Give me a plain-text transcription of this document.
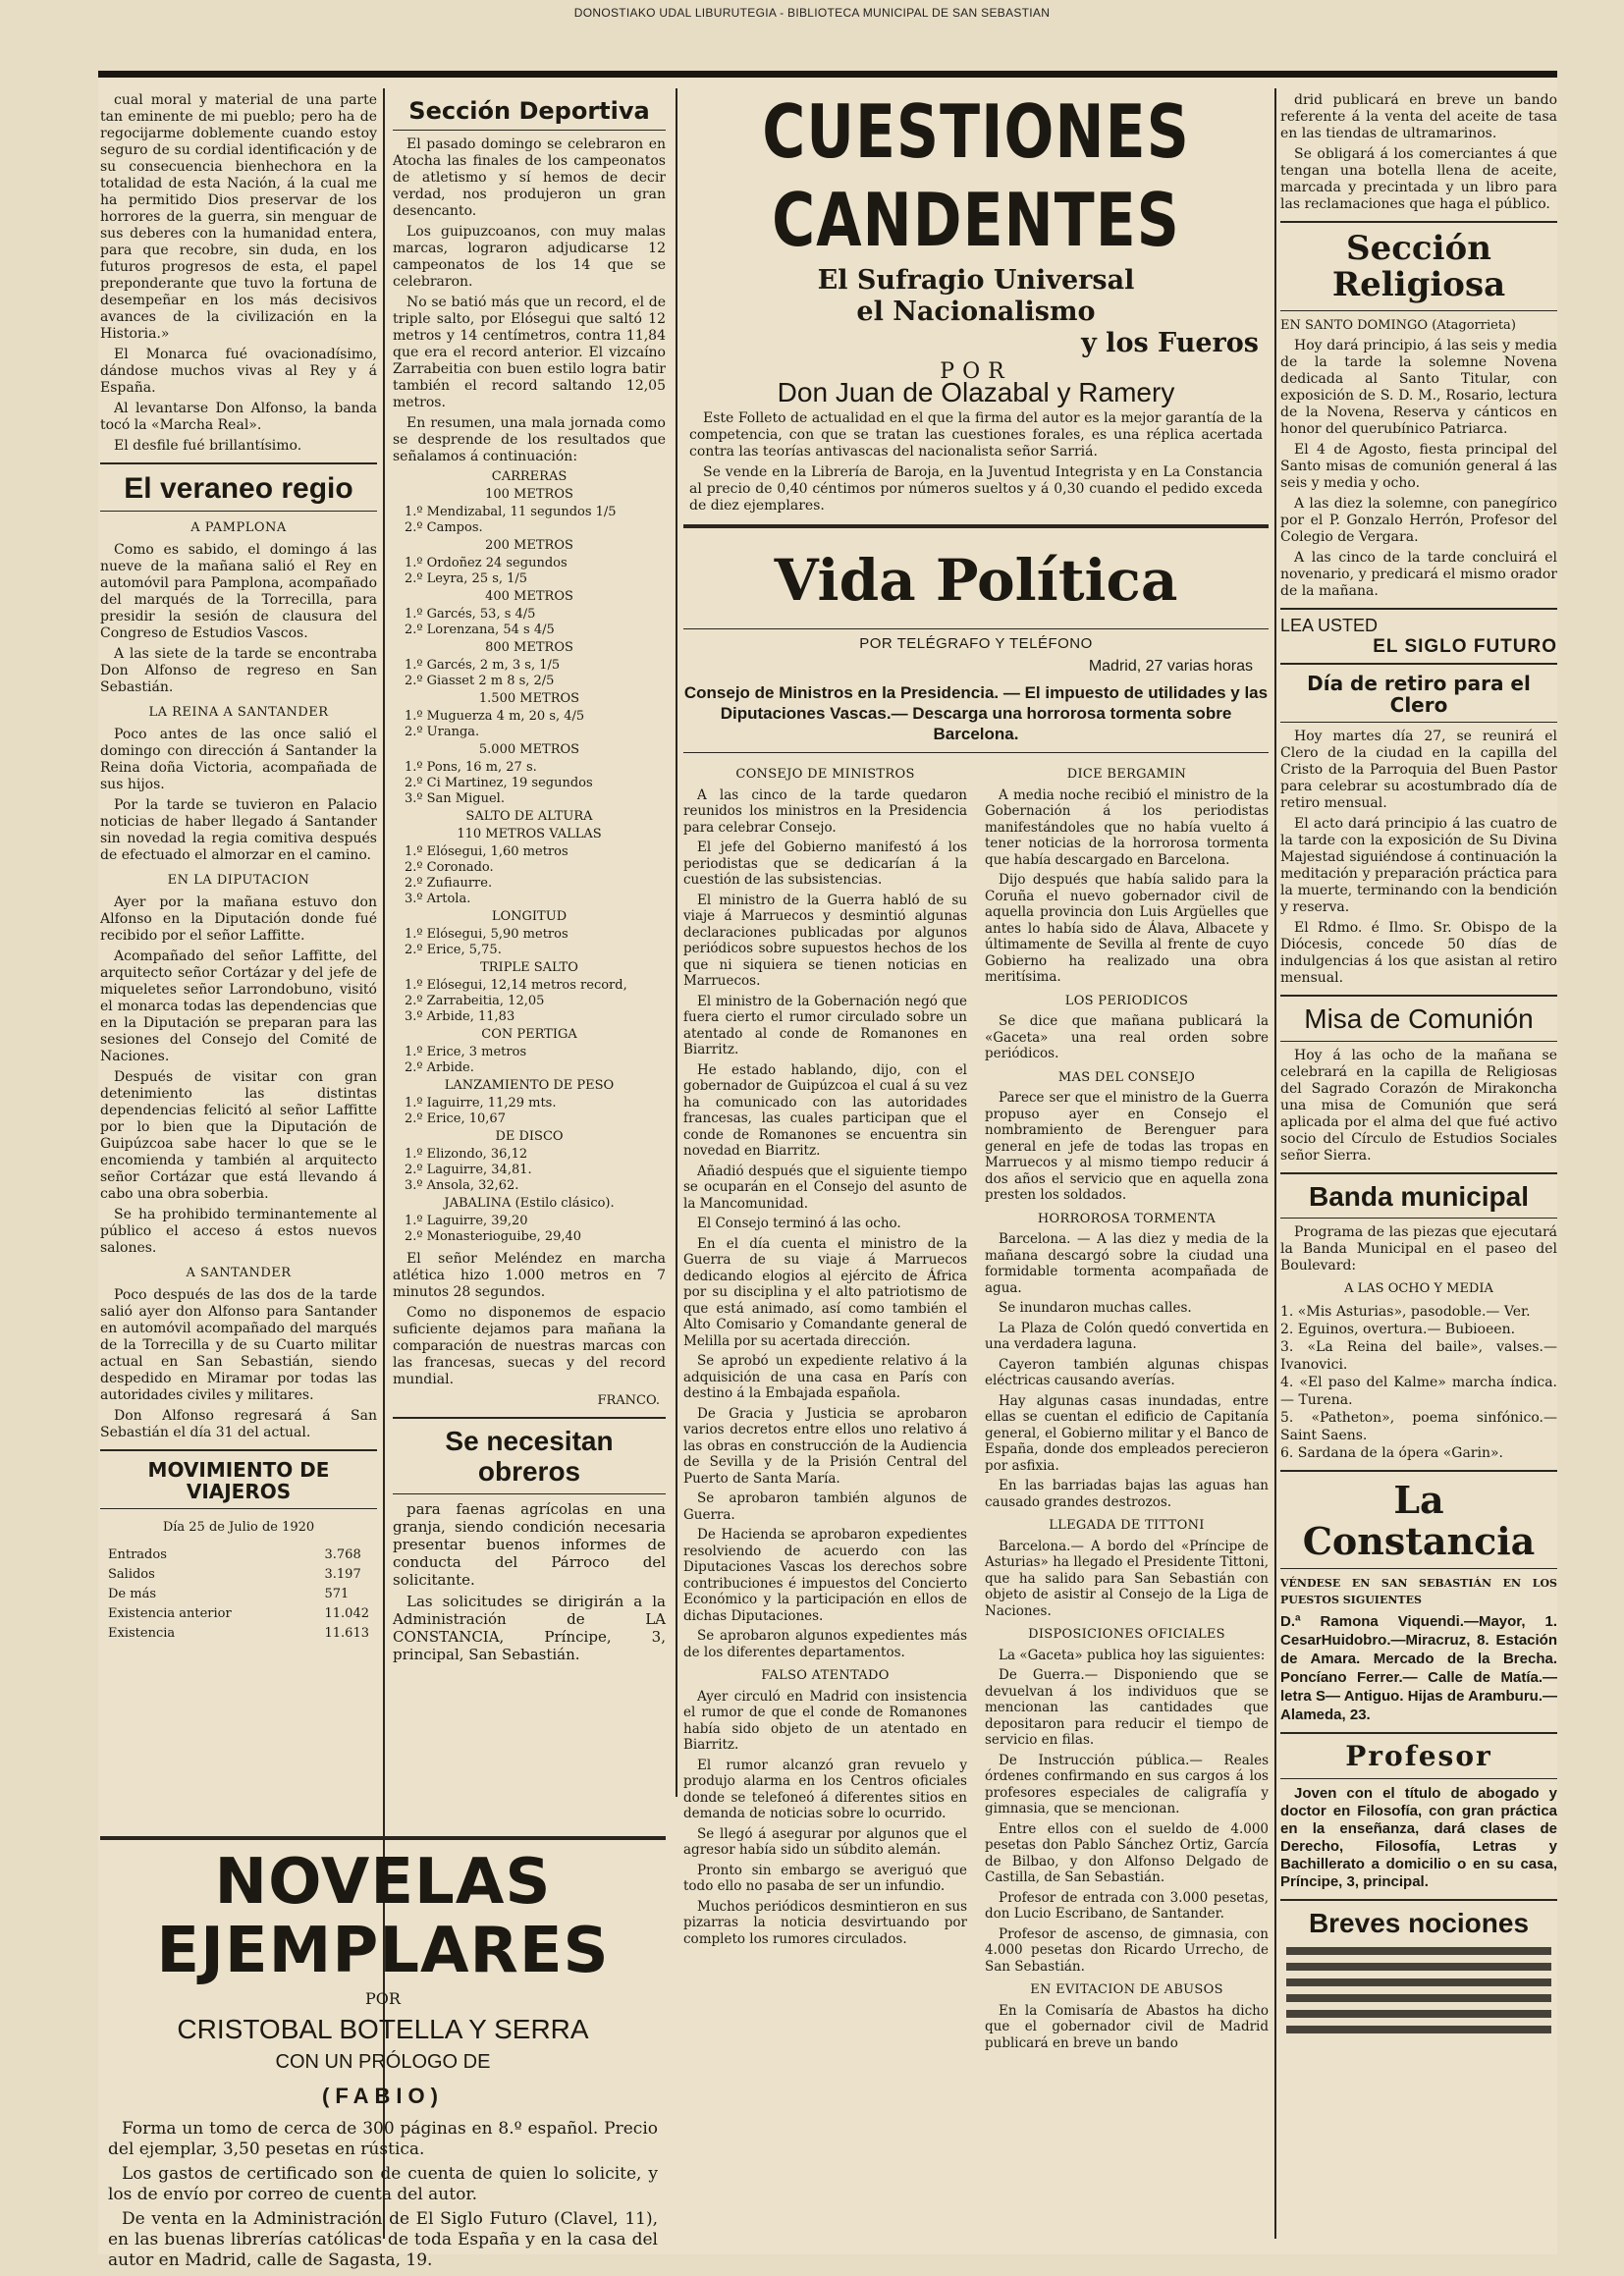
DONOSTIAKO UDAL LIBURUTEGIA - BIBLIOTECA MUNICIPAL DE SAN SEBASTIAN

cual moral y material de una parte tan eminente de mi pueblo; pero ha de regocijarme doblemente cuando estoy seguro de su cordial identificación y de su consecuencia bienhechora en la totalidad de esta Nación, á la cual me ha permitido Dios preservar de los horrores de la guerra, sin menguar de sus deberes con la humanidad entera, para que recobre, sin duda, en los futuros progresos de esta, el papel preponderante que tuvo la fortuna de desempeñar en los más decisivos avances de la civilización en la Historia.»

El Monarca fué ovacionadísimo, dándose muchos vivas al Rey y á España.

Al levantarse Don Alfonso, la banda tocó la «Marcha Real».

El desfile fué brillantísimo.

El veraneo regio
A PAMPLONA

Como es sabido, el domingo á las nueve de la mañana salió el Rey en automóvil para Pamplona, acompañado del marqués de la Torrecilla, para presidir la sesión de clausura del Congreso de Estudios Vascos.

A las siete de la tarde se encontraba Don Alfonso de regreso en San Sebastián.

LA REINA A SANTANDER

Poco antes de las once salió el domingo con dirección á Santander la Reina doña Victoria, acompañada de sus hijos.

Por la tarde se tuvieron en Palacio noticias de haber llegado á Santander sin novedad la regia comitiva después de efectuado el almorzar en el camino.

EN LA DIPUTACION

Ayer por la mañana estuvo don Alfonso en la Diputación donde fué recibido por el señor Laffitte.

Acompañado del señor Laffitte, del arquitecto señor Cortázar y del jefe de miqueletes señor Larrondobuno, visitó el monarca todas las dependencias que en la Diputación se preparan para las sesiones del Consejo del Comité de Naciones.

Después de visitar con gran detenimiento las distintas dependencias felicitó al señor Laffitte por lo bien que la Diputación de Guipúzcoa sabe hacer lo que se le encomienda y también al arquitecto señor Cortázar que está llevando á cabo una obra soberbia.

Se ha prohibido terminantemente al público el acceso á estos nuevos salones.

A SANTANDER

Poco después de las dos de la tarde salió ayer don Alfonso para Santander en automóvil acompañado del marqués de la Torrecilla y de su Cuarto militar actual en San Sebastián, siendo despedido en Miramar por todas las autoridades civiles y militares.

Don Alfonso regresará á San Sebastián el día 31 del actual.

MOVIMIENTO DE VIAJEROS
Día 25 de Julio de 1920
Entrados	3.768
Salidos	3.197
De más	571
Existencia anterior	11.042
Existencia	11.613
Sección Deportiva

El pasado domingo se celebraron en Atocha las finales de los campeonatos de atletismo y sí hemos de decir verdad, nos produjeron un gran desencanto.

Los guipuzcoanos, con muy malas marcas, lograron adjudicarse 12 campeonatos de los 14 que se celebraron.

No se batió más que un record, el de triple salto, por Elósegui que saltó 12 metros y 14 centímetros, contra 11,84 que era el record anterior. El vizcaíno Zarrabeitia con buen estilo logra batir también el record saltando 12,05 metros.

En resumen, una mala jornada como se desprende de los resultados que señalamos á continuación:

CARRERAS
100 METROS
1.º Mendizabal, 11 segundos 1/5
2.º Campos.
200 METROS
1.º Ordoñez 24 segundos
2.º Leyra, 25 s, 1/5
400 METROS
1.º Garcés, 53, s 4/5
2.º Lorenzana, 54 s 4/5
800 METROS
1.º Garcés, 2 m, 3 s, 1/5
2.º Giasset 2 m 8 s, 2/5
1.500 METROS
1.º Muguerza 4 m, 20 s, 4/5
2.º Uranga.
5.000 METROS
1.º Pons, 16 m, 27 s.
2.º Ci Martinez, 19 segundos
3.º San Miguel.
SALTO DE ALTURA
110 METROS VALLAS
1.º Elósegui, 1,60 metros
2.º Coronado.
2.º Zufiaurre.
3.º Artola.
LONGITUD
1.º Elósegui, 5,90 metros
2.º Erice, 5,75.
TRIPLE SALTO
1.º Elósegui, 12,14 metros record,
2.º Zarrabeitia, 12,05
3.º Arbide, 11,83
CON PERTIGA
1.º Erice, 3 metros
2.º Arbide.
LANZAMIENTO DE PESO
1.º Iaguirre, 11,29 mts.
2.º Erice, 10,67
DE DISCO
1.º Elizondo, 36,12
2.º Laguirre, 34,81.
3.º Ansola, 32,62.
JABALINA (Estilo clásico).
1.º Laguirre, 39,20
2.º Monasterioguibe, 29,40

El señor Meléndez en marcha atlética hizo 1.000 metros en 7 minutos 28 segundos.

Como no disponemos de espacio suficiente dejamos para mañana la comparación de nuestras marcas con las francesas, suecas y del record mundial.

FRANCO.
Se necesitan obreros

para faenas agrícolas en una granja, siendo condición necesaria presentar buenos informes de conducta del Párroco del solicitante.

Las solicitudes se dirigirán a la Administración de LA CONSTANCIA, Príncipe, 3, principal, San Sebastián.

NOVELAS EJEMPLARES
POR
CRISTOBAL BOTELLA Y SERRA
CON UN PRÓLOGO DE
(FABIO)

Forma un tomo de cerca de 300 páginas en 8.º español. Precio del ejemplar, 3,50 pesetas en rústica.

Los gastos de certificado son de cuenta de quien lo solicite, y los de envío por correo de cuenta del autor.

De venta en la Administración de El Siglo Futuro (Clavel, 11), en las buenas librerías católicas de toda España y en la casa del autor en Madrid, calle de Sagasta, 19.

CUESTIONES CANDENTES
El Sufragio Universal
el Nacionalismo
y los Fueros
POR
Don Juan de Olazabal y Ramery

Este Folleto de actualidad en el que la firma del autor es la mejor garantía de la competencia, con que se tratan las cuestiones forales, es una réplica acertada contra las teorías antivascas del nacionalista señor Sarriá.

Se vende en la Librería de Baroja, en la Juventud Integrista y en La Constancia al precio de 0,40 céntimos por números sueltos y á 0,30 cuando el pedido exceda de diez ejemplares.

Vida Política
POR TELÉGRAFO Y TELÉFONO
Madrid, 27 varias horas
Consejo de Ministros en la Presidencia. — El impuesto de utilidades y las Diputaciones Vascas.— Descarga una horrorosa tormenta sobre Barcelona.
CONSEJO DE MINISTROS

A las cinco de la tarde quedaron reunidos los ministros en la Presidencia para celebrar Consejo.

El jefe del Gobierno manifestó á los periodistas que se dedicarían á la cuestión de las subsistencias.

El ministro de la Guerra habló de su viaje á Marruecos y desmintió algunas declaraciones publicadas por algunos periódicos sobre supuestos hechos de los que ni siquiera se tienen noticias en Marruecos.

El ministro de la Gobernación negó que fuera cierto el rumor circulado sobre un atentado al conde de Romanones en Biarritz.

He estado hablando, dijo, con el gobernador de Guipúzcoa el cual á su vez ha comunicado con las autoridades francesas, las cuales participan que el conde de Romanones se encuentra sin novedad en Biarritz.

Añadió después que el siguiente tiempo se ocuparán en el Consejo del asunto de la Mancomunidad.

El Consejo terminó á las ocho.

En el día cuenta el ministro de la Guerra de su viaje á Marruecos dedicando elogios al ejército de África por su disciplina y el alto patriotismo de que está animado, así como también el Alto Comisario y Comandante general de Melilla por su acertada dirección.

Se aprobó un expediente relativo á la adquisición de una casa en París con destino á la Embajada española.

De Gracia y Justicia se aprobaron varios decretos entre ellos uno relativo á las obras en construcción de la Audiencia de Sevilla y de la Prisión Central del Puerto de Santa María.

Se aprobaron también algunos de Guerra.

De Hacienda se aprobaron expedientes resolviendo de acuerdo con las Diputaciones Vascas los derechos sobre contribuciones é impuestos del Concierto Económico y la participación en ellos de dichas Diputaciones.

Se aprobaron algunos expedientes más de los diferentes departamentos.

FALSO ATENTADO

Ayer circuló en Madrid con insistencia el rumor de que el conde de Romanones había sido objeto de un atentado en Biarritz.

El rumor alcanzó gran revuelo y produjo alarma en los Centros oficiales donde se telefoneó á diferentes sitios en demanda de noticias sobre lo ocurrido.

Se llegó á asegurar por algunos que el agresor había sido un súbdito alemán.

Pronto sin embargo se averiguó que todo ello no pasaba de ser un infundio.

Muchos periódicos desmintieron en sus pizarras la noticia desvirtuando por completo los rumores circulados.

DICE BERGAMIN

A media noche recibió el ministro de la Gobernación á los periodistas manifestándoles que no había vuelto á tener noticias de la horrorosa tormenta que había descargado en Barcelona.

Dijo después que había salido para la Coruña el nuevo gobernador civil de aquella provincia don Luis Argüelles que antes lo había sido de Álava, Albacete y últimamente de Sevilla al frente de cuyo Gobierno ha realizado una obra meritísima.

LOS PERIODICOS

Se dice que mañana publicará la «Gaceta» una real orden sobre periódicos.

MAS DEL CONSEJO

Parece ser que el ministro de la Guerra propuso ayer en Consejo el nombramiento de Berenguer para general en jefe de todas las tropas en Marruecos y al mismo tiempo reducir á dos años el servicio que en aquella zona presten los soldados.

HORROROSA TORMENTA

Barcelona. — A las diez y media de la mañana descargó sobre la ciudad una formidable tormenta acompañada de agua.

Se inundaron muchas calles.

La Plaza de Colón quedó convertida en una verdadera laguna.

Cayeron también algunas chispas eléctricas causando averías.

Hay algunas casas inundadas, entre ellas se cuentan el edificio de Capitanía general, el Gobierno militar y el Banco de España, donde dos empleados perecieron por asfixia.

En las barriadas bajas las aguas han causado grandes destrozos.

LLEGADA DE TITTONI

Barcelona.— A bordo del «Príncipe de Asturias» ha llegado el Presidente Tittoni, que ha salido para San Sebastián con objeto de asistir al Consejo de la Liga de Naciones.

DISPOSICIONES OFICIALES

La «Gaceta» publica hoy las siguientes:

De Guerra.— Disponiendo que se devuelvan á los individuos que se mencionan las cantidades que depositaron para reducir el tiempo de servicio en filas.

De Instrucción pública.— Reales órdenes confirmando en sus cargos á los profesores especiales de caligrafía y gimnasia, que se mencionan.

Entre ellos con el sueldo de 4.000 pesetas don Pablo Sánchez Ortiz, García de Bilbao, y don Alfonso Delgado de Castilla, de San Sebastián.

Profesor de entrada con 3.000 pesetas, don Lucio Escribano, de Santander.

Profesor de ascenso, de gimnasia, con 4.000 pesetas don Ricardo Urrecho, de San Sebastián.

EN EVITACION DE ABUSOS

En la Comisaría de Abastos ha dicho que el gobernador civil de Madrid publicará en breve un bando

drid publicará en breve un bando referente á la venta del aceite de tasa en las tiendas de ultramarinos.

Se obligará á los comerciantes á que tengan una botella llena de aceite, marcada y precintada y un libro para las reclamaciones que haga el público.

Sección Religiosa
EN SANTO DOMINGO (Atagorrieta)

Hoy dará principio, á las seis y media de la tarde la solemne Novena dedicada al Santo Titular, con exposición de S. D. M., Rosario, lectura de la Novena, Reserva y cánticos en honor del querubínico Patriarca.

El 4 de Agosto, fiesta principal del Santo misas de comunión general á las seis y media y ocho.

A las diez la solemne, con panegírico por el P. Gonzalo Herrón, Profesor del Colegio de Vergara.

A las cinco de la tarde concluirá el novenario, y predicará el mismo orador de la mañana.

LEA USTED
EL SIGLO FUTURO
Día de retiro para el Clero

Hoy martes día 27, se reunirá el Clero de la ciudad en la capilla del Cristo de la Parroquia del Buen Pastor para celebrar su acostumbrado día de retiro mensual.

El acto dará principio á las cuatro de la tarde con la exposición de Su Divina Majestad siguiéndose á continuación la meditación y preparación práctica para la muerte, terminando con la bendición y reserva.

El Rdmo. é Ilmo. Sr. Obispo de la Diócesis, concede 50 días de indulgencias á los que asistan al retiro mensual.

Misa de Comunión

Hoy á las ocho de la mañana se celebrará en la capilla de Religiosas del Sagrado Corazón de Mirakoncha una misa de Comunión que será aplicada por el alma del que fué activo socio del Círculo de Estudios Sociales señor Sierra.

Banda municipal

Programa de las piezas que ejecutará la Banda Municipal en el paseo del Boulevard:

A LAS OCHO Y MEDIA
1. «Mis Asturias», pasodoble.— Ver.
2. Eguinos, overtura.— Bubioeen.
3. «La Reina del baile», valses.— Ivanovici.
4. «El paso del Kalme» marcha índica.— Turena.
5. «Patheton», poema sinfónico.— Saint Saens.
6. Sardana de la ópera «Garin».
La Constancia
VÉNDESE EN SAN SEBASTIÁN EN LOS PUESTOS SIGUIENTES
D.ª Ramona Viquendi.—Mayor, 1. CesarHuidobro.—Miracruz, 8. Estación de Amara. Mercado de la Brecha. Poncíano Ferrer.— Calle de Matía.— letra S— Antiguo. Hijas de Aramburu.—Alameda, 23.
Profesor

Joven con el título de abogado y doctor en Filosofía, con gran práctica en la enseñanza, dará clases de Derecho, Filosofía, Letras y Bachillerato a domicilio o en su casa, Príncipe, 3, principal.

Breves nociones
